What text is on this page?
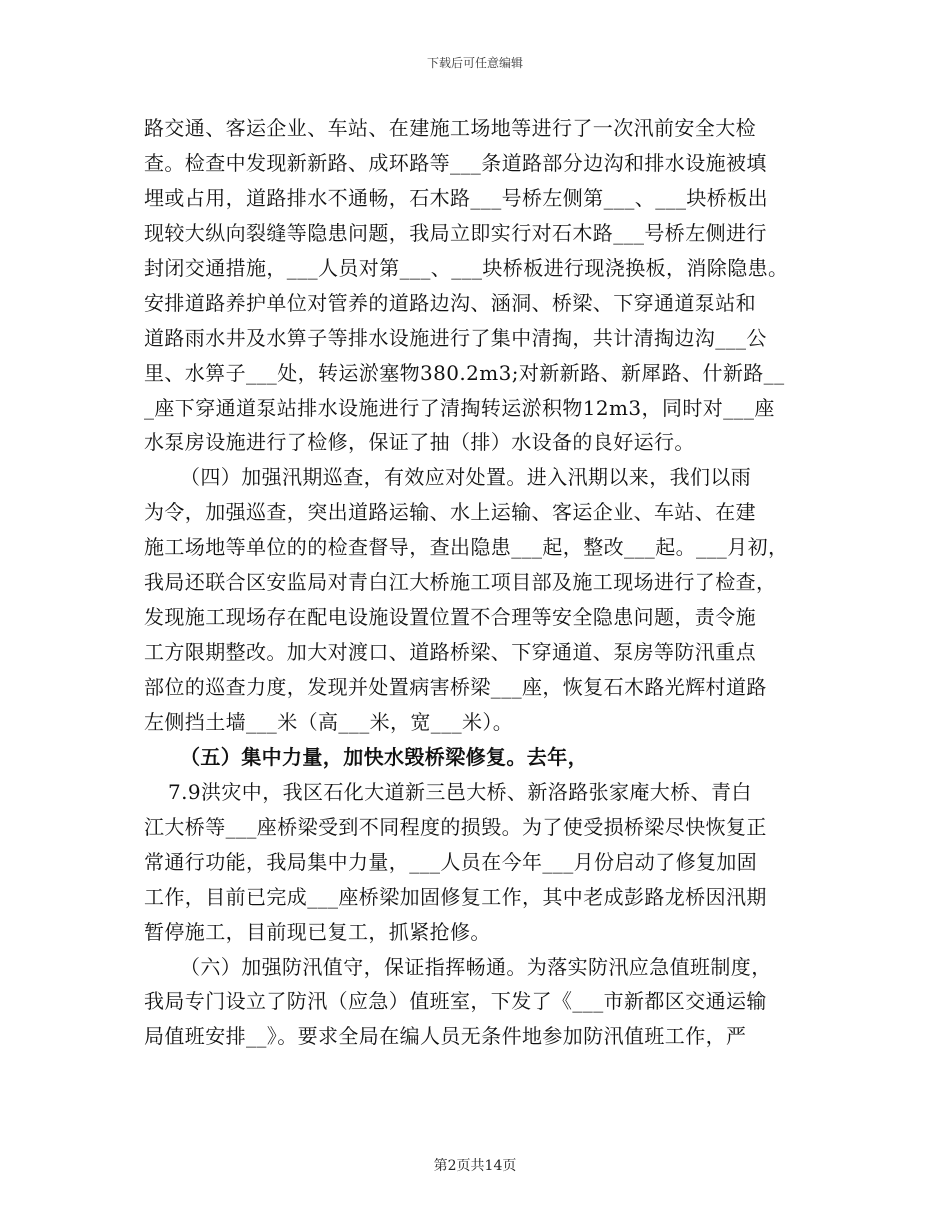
下载后可任意编辑
路交通、客运企业、车站、在建施工场地等进行了一次汛前安全大检
查。检查中发现新新路、成环路等___条道路部分边沟和排水设施被填
埋或占用，道路排水不通畅，石木路___号桥左侧第___、___块桥板出
现较大纵向裂缝等隐患问题，我局立即实行对石木路___号桥左侧进行
封闭交通措施，___人员对第___、___块桥板进行现浇换板，消除隐患。
安排道路养护单位对管养的道路边沟、涵洞、桥梁、下穿通道泵站和
道路雨水井及水箅子等排水设施进行了集中清掏，共计清掏边沟___公
里、水箅子___处，转运淤塞物380.2m3;对新新路、新犀路、什新路__
_座下穿通道泵站排水设施进行了清掏转运淤积物12m3，同时对___座
水泵房设施进行了检修，保证了抽（排）水设备的良好运行。
（四）加强汛期巡查，有效应对处置。进入汛期以来，我们以雨
为令，加强巡查，突出道路运输、水上运输、客运企业、车站、在建
施工场地等单位的的检查督导，查出隐患___起，整改___起。___月初，
我局还联合区安监局对青白江大桥施工项目部及施工现场进行了检查，
发现施工现场存在配电设施设置位置不合理等安全隐患问题，责令施
工方限期整改。加大对渡口、道路桥梁、下穿通道、泵房等防汛重点
部位的巡查力度，发现并处置病害桥梁___座，恢复石木路光辉村道路
左侧挡土墙___米（高___米，宽___米）。
（五）集中力量，加快水毁桥梁修复。去年，
7.9洪灾中，我区石化大道新三邑大桥、新洛路张家庵大桥、青白
江大桥等___座桥梁受到不同程度的损毁。为了使受损桥梁尽快恢复正
常通行功能，我局集中力量，___人员在今年___月份启动了修复加固
工作，目前已完成___座桥梁加固修复工作，其中老成彭路龙桥因汛期
暂停施工，目前现已复工，抓紧抢修。
（六）加强防汛值守，保证指挥畅通。为落实防汛应急值班制度，
我局专门设立了防汛（应急）值班室，下发了《___市新都区交通运输
局值班安排__》。要求全局在编人员无条件地参加防汛值班工作，严
第2页共14页
